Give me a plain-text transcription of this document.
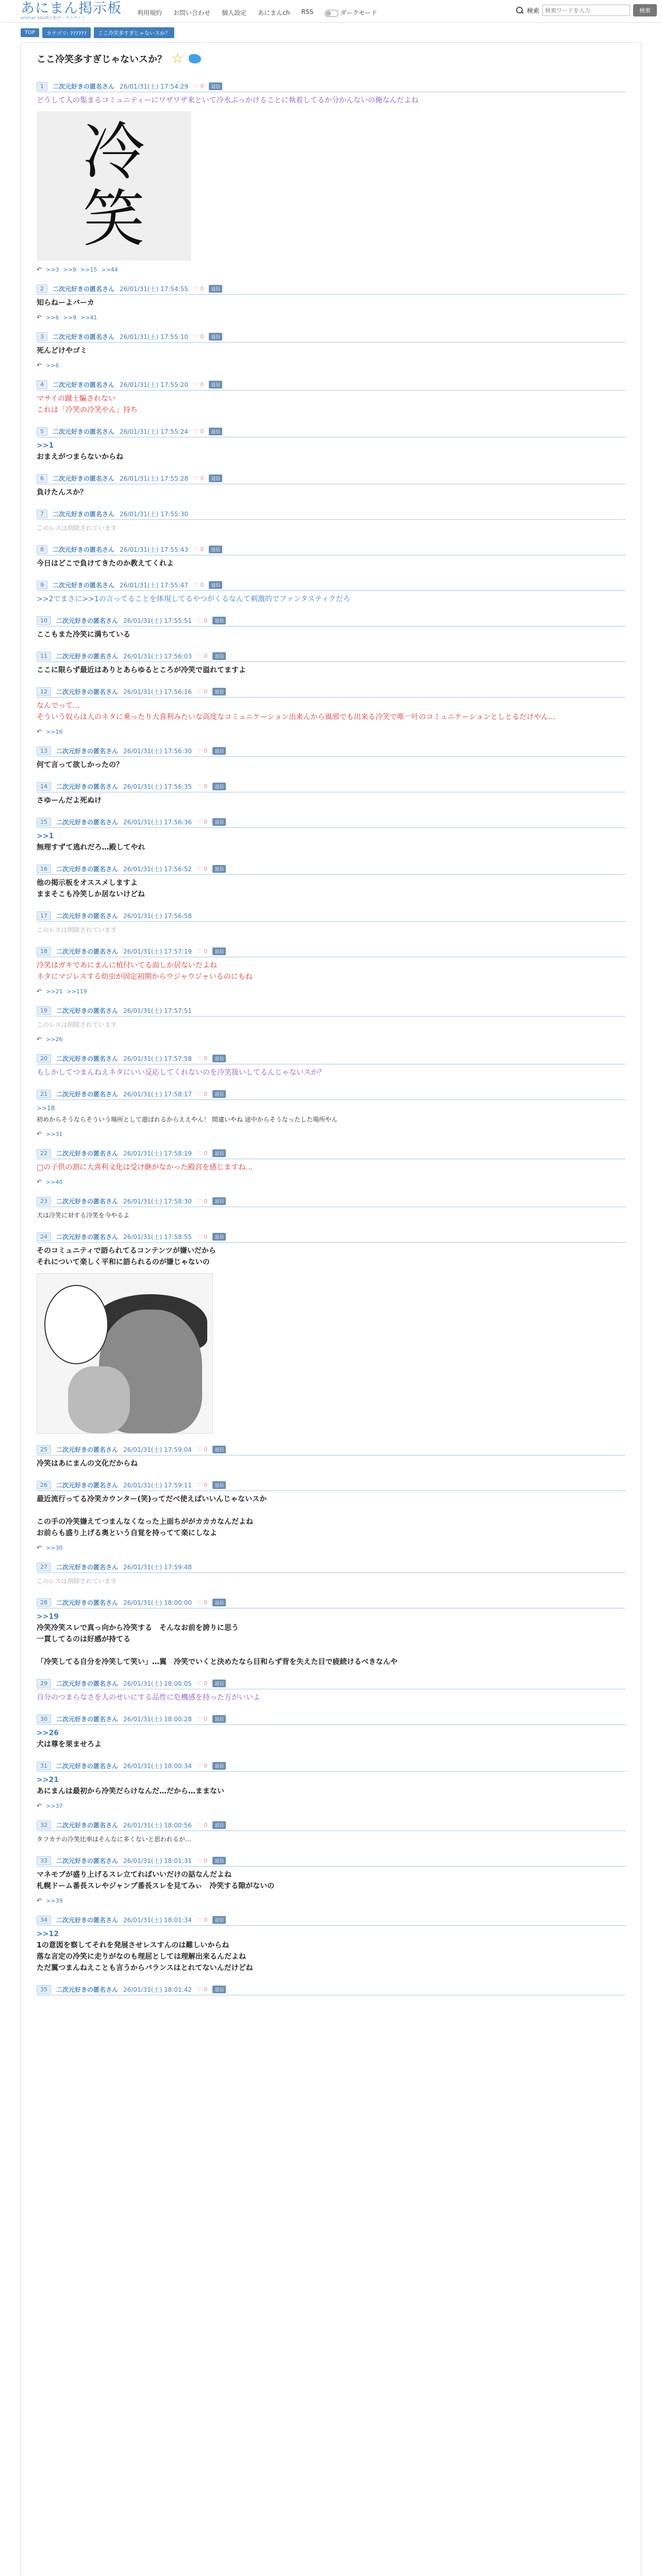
あにまん掲示板
animan bbs掲示板ポータルサイト
利用規約 お問い合わせ 個人設定 あにまんch RSS	ダークモード	検索
検索ワードを入力	検索
TOP	カテゴリ: ??????	ここ冷笑多すぎじゃないスか？
ここ冷笑多すぎじゃないスか？ ☆
1	二次元好きの匿名さん 26/01/31(土) 17:54:29 ♡ 0	返信
どうして人の集まるコミュニティーにワザワザ来といて冷水ぶっかけることに執着してるか分かんないの俺なんだよね
冷
笑
↶ >>3 >>9 >>15 >>44
2	二次元好きの匿名さん 26/01/31(土) 17:54:55 ♡ 0	返信
知らねーよバーカ
↶ >>6 >>9 >>41
3	二次元好きの匿名さん 26/01/31(土) 17:55:10 ♡ 0	返信
死んどけやゴミ
↶ >>6
4	二次元好きの匿名さん 26/01/31(土) 17:55:20 ♡ 0	返信
マサイの蹴士騙されない
これは「冷笑の冷笑やん」持ち
5	二次元好きの匿名さん 26/01/31(土) 17:55:24 ♡ 0	返信
>>1
おまえがつまらないからね
6	二次元好きの匿名さん 26/01/31(土) 17:55:28 ♡ 0	返信
負けたんスか？
7	二次元好きの匿名さん 26/01/31(土) 17:55:30
このレスは削除されています
8	二次元好きの匿名さん 26/01/31(土) 17:55:43 ♡ 0	返信
今日はどこで負けてきたのか教えてくれよ
9	二次元好きの匿名さん 26/01/31(土) 17:55:47 ♡ 0	返信
>>2でまさに>>1の言ってることを体現してるやつがくるなんて刺激的でファンタスティクだろ
10	二次元好きの匿名さん 26/01/31(土) 17:55:51 ♡ 0	返信
ここもまた冷笑に満ちている
11	二次元好きの匿名さん 26/01/31(土) 17:56:03 ♡ 0	返信
ここに限らず最近はありとあらゆるところが冷笑で溢れてますよ
12	二次元好きの匿名さん 26/01/31(土) 17:56:16 ♡ 0	返信
なんでって…
そういう奴らは人のネタに乗ったり大喜利みたいな高度なコミュニケーション出来んから風邪でも出来る冷笑で唯一叶のコミュニケーションとしとるだけやん…
↶ >>16
13	二次元好きの匿名さん 26/01/31(土) 17:56:30 ♡ 0	返信
何て言って欲しかったの？
14	二次元好きの匿名さん 26/01/31(土) 17:56:35 ♡ 0	返信
さゆーんだよ死ぬけ
15	二次元好きの匿名さん 26/01/31(土) 17:56:36 ♡ 0	返信
>>1
無理すずて逃れだろ…殿してやれ
16	二次元好きの匿名さん 26/01/31(土) 17:56:52 ♡ 0	返信
他の掲示板をオススメしますよ
ままそこも冷笑しか居ないけどね
17	二次元好きの匿名さん 26/01/31(土) 17:56:58
このレスは削除されています
18	二次元好きの匿名さん 26/01/31(土) 17:57:19 ♡ 0	返信
冷笑はガキであにまんに植付いてる面しか居ないだよね
ネタにマジレスする幼虫が固定初期からウジャウジャいるのにもね
↶ >>21 >>119
19	二次元好きの匿名さん 26/01/31(土) 17:57:51
このレスは削除されています
↶ >>26
20	二次元好きの匿名さん 26/01/31(土) 17:57:58 ♡ 0	返信
もしかしてつまんねえネタにいい反応してくれないのを冷笑扱いしてるんじゃないスか？
21	二次元好きの匿名さん 26/01/31(土) 17:58:17 ♡ 0	返信
>>18
初めからそうならそういう場所として遊ばれるからええやん！ 間違いやね 途中からそうなったした場所やん
↶ >>31
22	二次元好きの匿名さん 26/01/31(土) 17:58:19 ♡ 0	返信
□の子供の割に大喜利文化は受け継がなかった殿宮を感じますね…
↶ >>40
23	二次元好きの匿名さん 26/01/31(土) 17:58:30 ♡ 0	返信
犬は冷笑に対する冷笑を今やるよ
24	二次元好きの匿名さん 26/01/31(土) 17:58:55 ♡ 0	返信
そのコミュニティで語られてるコンテンツが嫌いだから
それについて楽しく平和に語られるのが嫌じゃないの
25	二次元好きの匿名さん 26/01/31(土) 17:59:04 ♡ 0	返信
冷笑はあにまんの文化だからね
26	二次元好きの匿名さん 26/01/31(土) 17:59:11 ♡ 0	返信
最近流行ってる冷笑カウンター(笑)ってだべ使えばいいんじゃないスか

この手の冷笑嫌えてつまんなくなった上面ちががカカカなんだよね
お前らも盛り上げる奥という自覚を持ってて楽にしなよ
↶ >>30
27	二次元好きの匿名さん 26/01/31(土) 17:59:48
このレスは削除されています
28	二次元好きの匿名さん 26/01/31(土) 18:00:00 ♡ 0	返信
>>19
冷笑冷笑スレで真っ向から冷笑する　そんなお前を誇りに思う
一貫してるのは好感が持てる

「冷笑してる自分を冷笑して笑い」…翼　冷笑でいくと決めたなら目和らず背を失えた目で疲続けるべきなんや
29	二次元好きの匿名さん 26/01/31(土) 18:00:05 ♡ 0	返信
自分のつまらなさを人のせいにする品性に危機感を持った方がいいよ
30	二次元好きの匿名さん 26/01/31(土) 18:00:28 ♡ 0	返信
>>26
犬は尊を果ませろよ
31	二次元好きの匿名さん 26/01/31(土) 18:00:34 ♡ 0	返信
>>21
あにまんは最初から冷笑だらけなんだ…だから…ままない
↶ >>37
32	二次元好きの匿名さん 26/01/31(土) 18:00:56 ♡ 0	返信
タフカテの冷笑比率はそんなに多くないと思われるが…
33	二次元好きの匿名さん 26/01/31(土) 18:01:31 ♡ 0	返信
マネモブが盛り上げるスレ立てればいいだけの話なんだよね
札幌ドーム番長スレやジャンプ番長スレを見てみぃ　冷笑する隙がないの
↶ >>39
34	二次元好きの匿名さん 26/01/31(土) 18:01:34 ♡ 0	返信
>>12
1の意図を察してそれを発展させレスすんのは難しいからね
落な言定の冷笑に走りがなのも理屈としては理解出来るんだよね
ただ翼つまんねえことも言うからバランスはとれてないんだけどね
35	二次元好きの匿名さん 26/01/31(土) 18:01:42 ♡ 0	返信
